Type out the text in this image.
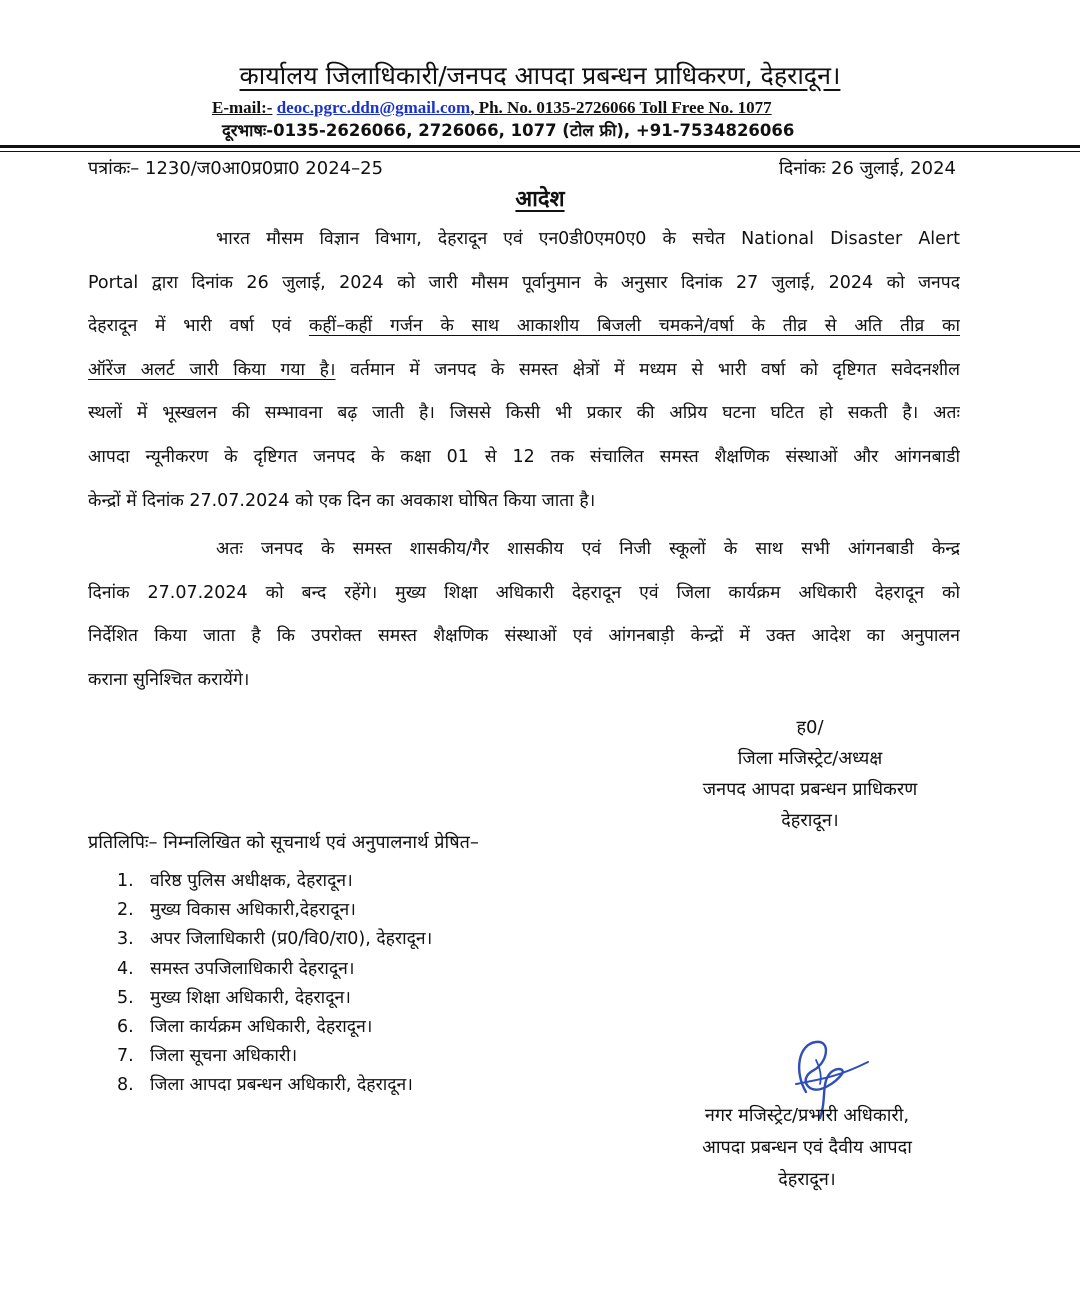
कार्यालय जिलाधिकारी/जनपद आपदा प्रबन्धन प्राधिकरण, देहरादून।
E-mail:- deoc.pgrc.ddn@gmail.com, Ph. No. 0135-2726066 Toll Free No. 1077
दूरभाषः-0135-2626066, 2726066, 1077 (टोल फ्री), +91-7534826066
पत्रांकः– 1230/ज0आ0प्र0प्रा0 2024–25	दिनांकः 26 जुलाई, 2024
आदेश
भारत मौसम विज्ञान विभाग, देहरादून एवं एन0डी0एम0ए0 के सचेत National Disaster Alert
Portal द्वारा दिनांक 26 जुलाई, 2024 को जारी मौसम पूर्वानुमान के अनुसार दिनांक 27 जुलाई, 2024 को जनपद
देहरादून में भारी वर्षा एवं कहीं–कहीं गर्जन के साथ आकाशीय बिजली चमकने/वर्षा के तीव्र से अति तीव्र का
ऑरेंज अलर्ट जारी किया गया है। वर्तमान में जनपद के समस्त क्षेत्रों में मध्यम से भारी वर्षा को दृष्टिगत सवेदनशील
स्थलों में भूस्खलन की सम्भावना बढ़ जाती है। जिससे किसी भी प्रकार की अप्रिय घटना घटित हो सकती है। अतः
आपदा न्यूनीकरण के दृष्टिगत जनपद के कक्षा 01 से 12 तक संचालित समस्त शैक्षणिक संस्थाओं और आंगनबाडी
केन्द्रों में दिनांक 27.07.2024 को एक दिन का अवकाश घोषित किया जाता है।
अतः जनपद के समस्त शासकीय/गैर शासकीय एवं निजी स्कूलों के साथ सभी आंगनबाडी केन्द्र
दिनांक 27.07.2024 को बन्द रहेंगे। मुख्य शिक्षा अधिकारी देहरादून एवं जिला कार्यक्रम अधिकारी देहरादून को
निर्देशित किया जाता है कि उपरोक्त समस्त शैक्षणिक संस्थाओं एवं आंगनबाड़ी केन्द्रों में उक्त आदेश का अनुपालन
कराना सुनिश्चित करायेंगे।
ह0/
जिला मजिस्ट्रेट/अध्यक्ष
जनपद आपदा प्रबन्धन प्राधिकरण
देहरादून।
प्रतिलिपिः– निम्नलिखित को सूचनार्थ एवं अनुपालनार्थ प्रेषित–
1. वरिष्ठ पुलिस अधीक्षक, देहरादून।
2. मुख्य विकास अधिकारी,देहरादून।
3. अपर जिलाधिकारी (प्र0/वि0/रा0), देहरादून।
4. समस्त उपजिलाधिकारी देहरादून।
5. मुख्य शिक्षा अधिकारी, देहरादून।
6. जिला कार्यक्रम अधिकारी, देहरादून।
7. जिला सूचना अधिकारी।
8. जिला आपदा प्रबन्धन अधिकारी, देहरादून।
नगर मजिस्ट्रेट/प्रभारी अधिकारी,
आपदा प्रबन्धन एवं दैवीय आपदा
देहरादून।
